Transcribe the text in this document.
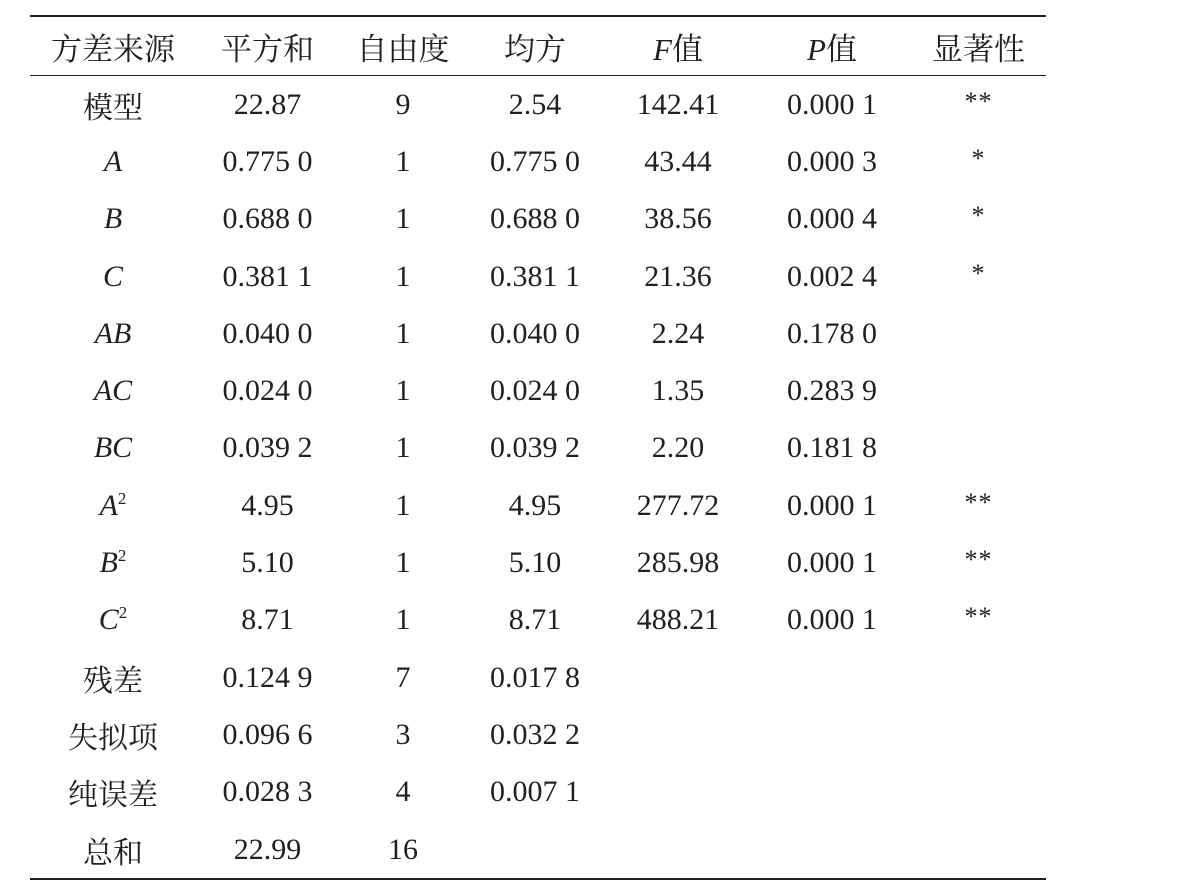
方差来源	平方和	自由度	均方	F值	P值	显著性
模型	22.87	9	2.54	142.41	0.000 1	**
A	0.775 0	1	0.775 0	43.44	0.000 3	*
B	0.688 0	1	0.688 0	38.56	0.000 4	*
C	0.381 1	1	0.381 1	21.36	0.002 4	*
AB	0.040 0	1	0.040 0	2.24	0.178 0	
AC	0.024 0	1	0.024 0	1.35	0.283 9	
BC	0.039 2	1	0.039 2	2.20	0.181 8	
$A^2$	4.95	1	4.95	277.72	0.000 1	**
$B^2$	5.10	1	5.10	285.98	0.000 1	**
$C^2$	8.71	1	8.71	488.21	0.000 1	**
残差	0.124 9	7	0.017 8			
失拟项	0.096 6	3	0.032 2			
纯误差	0.028 3	4	0.007 1			
总和	22.99	16				
